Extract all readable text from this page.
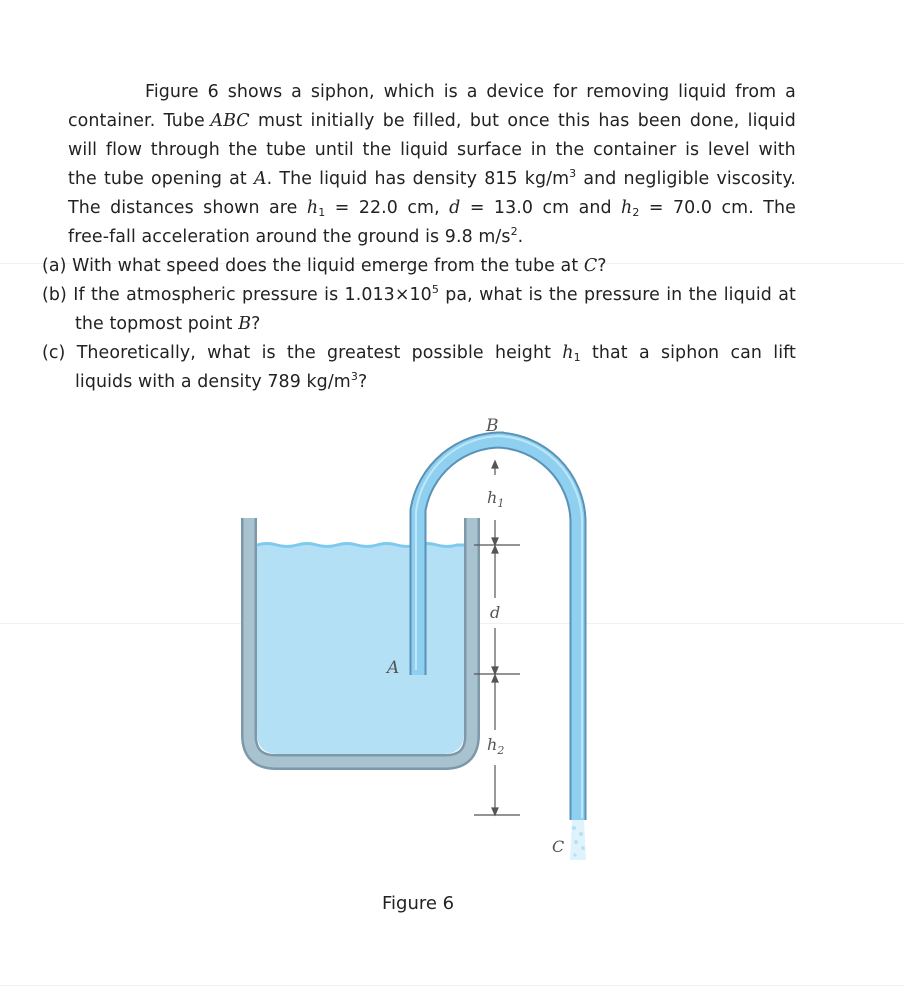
Figure 6 shows a siphon, which is a device for removing liquid from a
container. Tube ABC must initially be filled, but once this has been done, liquid
will flow through the tube until the liquid surface in the container is level with
the tube opening at A. The liquid has density 815 $kg/m^3$ and negligible viscosity.
The distances shown are $h_1 = 22.0$ cm, d = 13.0 cm and $h_2 = 70.0$ cm. The
free-fall acceleration around the ground is 9.8 $m/s^2$.
(a) With what speed does the liquid emerge from the tube at C?
(b) If the atmospheric pressure is $1.013\times 10^5$ pa, what is the pressure in the liquid at
the topmost point B?
(c) Theoretically, what is the greatest possible height $h_1$ that a siphon can lift
liquids with a density 789 $kg/m^3$?
B
$h_1$
d
$h_2$
A
C
Figure 6
